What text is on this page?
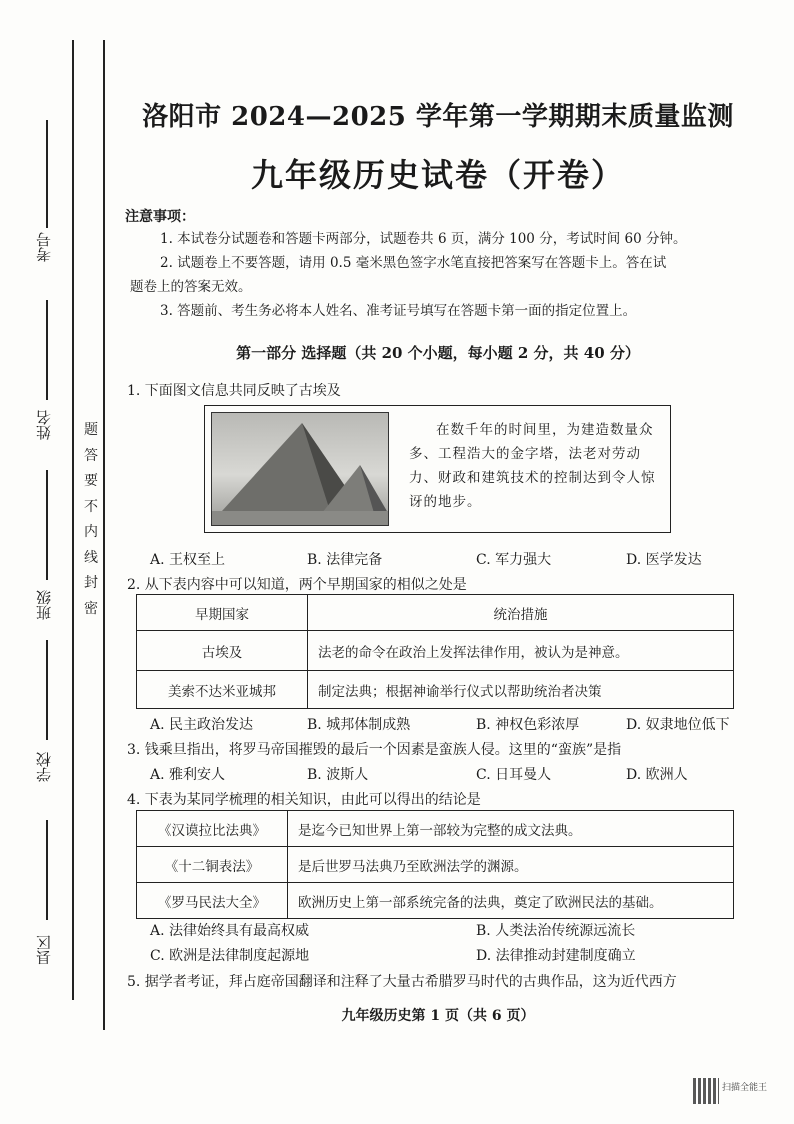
考号
姓名
班级
学校
县区
题
答
要
不
内
线
封
密
洛阳市 2024—2025 学年第一学期期末质量监测
九年级历史试卷（开卷）
注意事项：
1. 本试卷分试题卷和答题卡两部分，试题卷共 6 页，满分 100 分，考试时间 60 分钟。
2. 试题卷上不要答题，请用 0.5 毫米黑色签字水笔直接把答案写在答题卡上。答在试
题卷上的答案无效。
3. 答题前、考生务必将本人姓名、准考证号填写在答题卡第一面的指定位置上。
第一部分 选择题（共 20 个小题，每小题 2 分，共 40 分）
1. 下面图文信息共同反映了古埃及
在数千年的时间里，为建造数量众多、工程浩大的金字塔，法老对劳动力、财政和建筑技术的控制达到令人惊讶的地步。
A. 王权至上	B. 法律完备	C. 军力强大	D. 医学发达
2. 从下表内容中可以知道，两个早期国家的相似之处是
早期国家	统治措施
古埃及	法老的命令在政治上发挥法律作用，被认为是神意。
美索不达米亚城邦	制定法典；根据神谕举行仪式以帮助统治者决策
A. 民主政治发达	B. 城邦体制成熟	B. 神权色彩浓厚	D. 奴隶地位低下
3. 钱乘旦指出，将罗马帝国摧毁的最后一个因素是蛮族人侵。这里的“蛮族”是指
A. 雅利安人	B. 波斯人	C. 日耳曼人	D. 欧洲人
4. 下表为某同学梳理的相关知识，由此可以得出的结论是
《汉谟拉比法典》	是迄今已知世界上第一部较为完整的成文法典。
《十二铜表法》	是后世罗马法典乃至欧洲法学的渊源。
《罗马民法大全》	欧洲历史上第一部系统完备的法典，奠定了欧洲民法的基础。
A. 法律始终具有最高权威	B. 人类法治传统源远流长
C. 欧洲是法律制度起源地	D. 法律推动封建制度确立
5. 据学者考证，拜占庭帝国翻译和注释了大量古希腊罗马时代的古典作品，这为近代西方
九年级历史第 1 页（共 6 页）
扫描全能王
